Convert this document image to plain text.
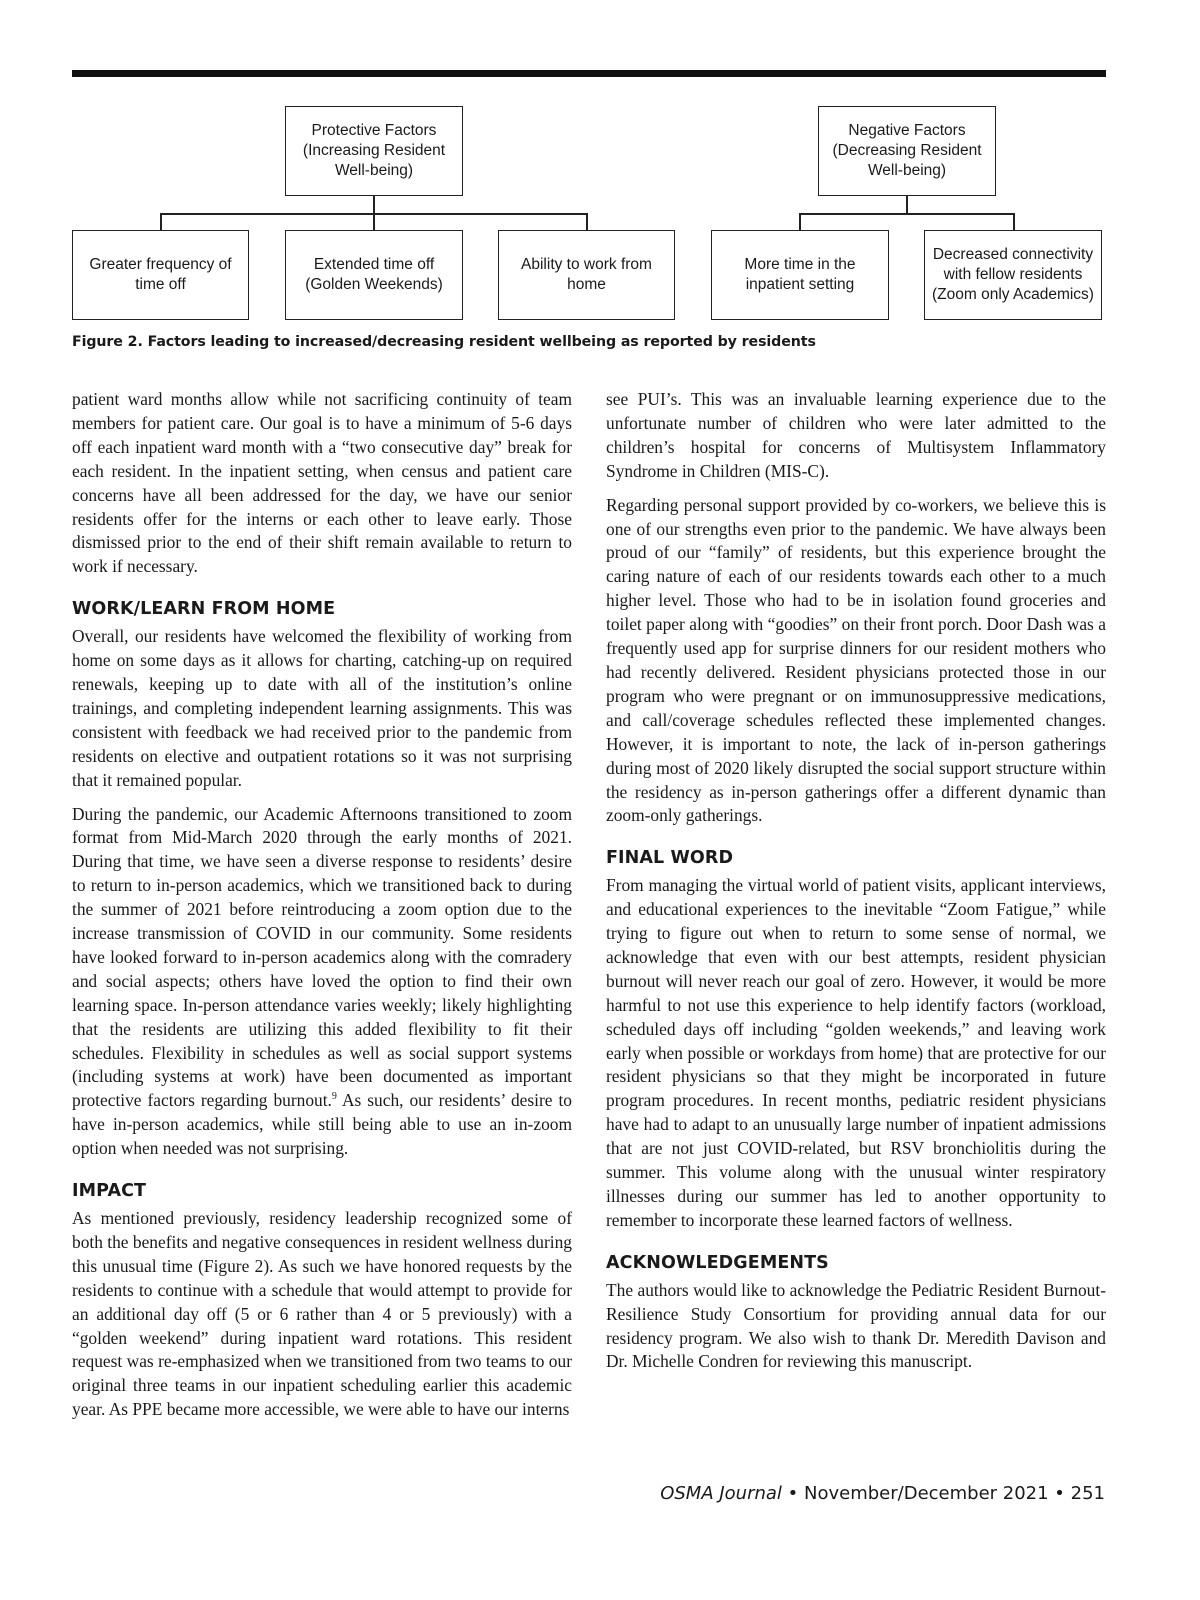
Protective Factors
(Increasing Resident
Well-being)
Greater frequency of
time off
Extended time off
(Golden Weekends)
Ability to work from
home
Negative Factors
(Decreasing Resident
Well-being)
More time in the
inpatient setting
Decreased connectivity
with fellow residents
(Zoom only Academics)
Figure 2. Factors leading to increased/decreasing resident wellbeing as reported by residents

patient ward months allow while not sacrificing continuity of team members for patient care. Our goal is to have a minimum of 5-6 days off each inpatient ward month with a “two consecutive day” break for each resident. In the inpatient setting, when census and patient care concerns have all been addressed for the day, we have our senior residents offer for the interns or each other to leave early. Those dismissed prior to the end of their shift remain available to return to work if necessary.

WORK/LEARN FROM HOME

Overall, our residents have welcomed the flexibility of working from home on some days as it allows for charting, catching-up on required renewals, keeping up to date with all of the institution’s online trainings, and completing independent learning assignments. This was consistent with feedback we had received prior to the pandemic from residents on elective and outpatient rotations so it was not surprising that it remained popular.

During the pandemic, our Academic Afternoons transitioned to zoom format from Mid-March 2020 through the early months of 2021. During that time, we have seen a diverse response to residents’ desire to return to in-person academics, which we transitioned back to during the summer of 2021 before reintroducing a zoom option due to the increase transmission of COVID in our community. Some residents have looked forward to in-person academics along with the comradery and social aspects; others have loved the option to find their own learning space. In-person attendance varies weekly; likely highlighting that the residents are utilizing this added flexibility to fit their schedules. Flexibility in schedules as well as social support systems (including systems at work) have been documented as important protective factors regarding burnout.$^9$ As such, our residents’ desire to have in-person academics, while still being able to use an in-zoom option when needed was not surprising.

IMPACT

As mentioned previously, residency leadership recognized some of both the benefits and negative consequences in resident wellness during this unusual time (Figure 2). As such we have honored requests by the residents to continue with a schedule that would attempt to provide for an additional day off (5 or 6 rather than 4 or 5 previously) with a “golden weekend” during inpatient ward rotations. This resident request was re-emphasized when we transitioned from two teams to our original three teams in our inpatient scheduling earlier this academic year. As PPE became more accessible, we were able to have our interns

see PUI’s. This was an invaluable learning experience due to the unfortunate number of children who were later admitted to the children’s hospital for concerns of Multisystem Inflammatory Syndrome in Children (MIS-C).

Regarding personal support provided by co-workers, we believe this is one of our strengths even prior to the pandemic. We have always been proud of our “family” of residents, but this experience brought the caring nature of each of our residents towards each other to a much higher level. Those who had to be in isolation found groceries and toilet paper along with “goodies” on their front porch. Door Dash was a frequently used app for surprise dinners for our resident mothers who had recently delivered. Resident physicians protected those in our program who were pregnant or on immunosuppressive medications, and call/coverage schedules reflected these implemented changes. However, it is important to note, the lack of in-person gatherings during most of 2020 likely disrupted the social support structure within the residency as in-person gatherings offer a different dynamic than zoom-only gatherings.

FINAL WORD

From managing the virtual world of patient visits, applicant interviews, and educational experiences to the inevitable “Zoom Fatigue,” while trying to figure out when to return to some sense of normal, we acknowledge that even with our best attempts, resident physician burnout will never reach our goal of zero. However, it would be more harmful to not use this experience to help identify factors (workload, scheduled days off including “golden weekends,” and leaving work early when possible or workdays from home) that are protective for our resident physicians so that they might be incorporated in future program procedures. In recent months, pediatric resident physicians have had to adapt to an unusually large number of inpatient admissions that are not just COVID-related, but RSV bronchiolitis during the summer. This volume along with the unusual winter respiratory illnesses during our summer has led to another opportunity to remember to incorporate these learned factors of wellness.

ACKNOWLEDGEMENTS

The authors would like to acknowledge the Pediatric Resident Burnout-Resilience Study Consortium for providing annual data for our residency program. We also wish to thank Dr. Meredith Davison and Dr. Michelle Condren for reviewing this manuscript.

OSMA Journal • November/December 2021 • 251
